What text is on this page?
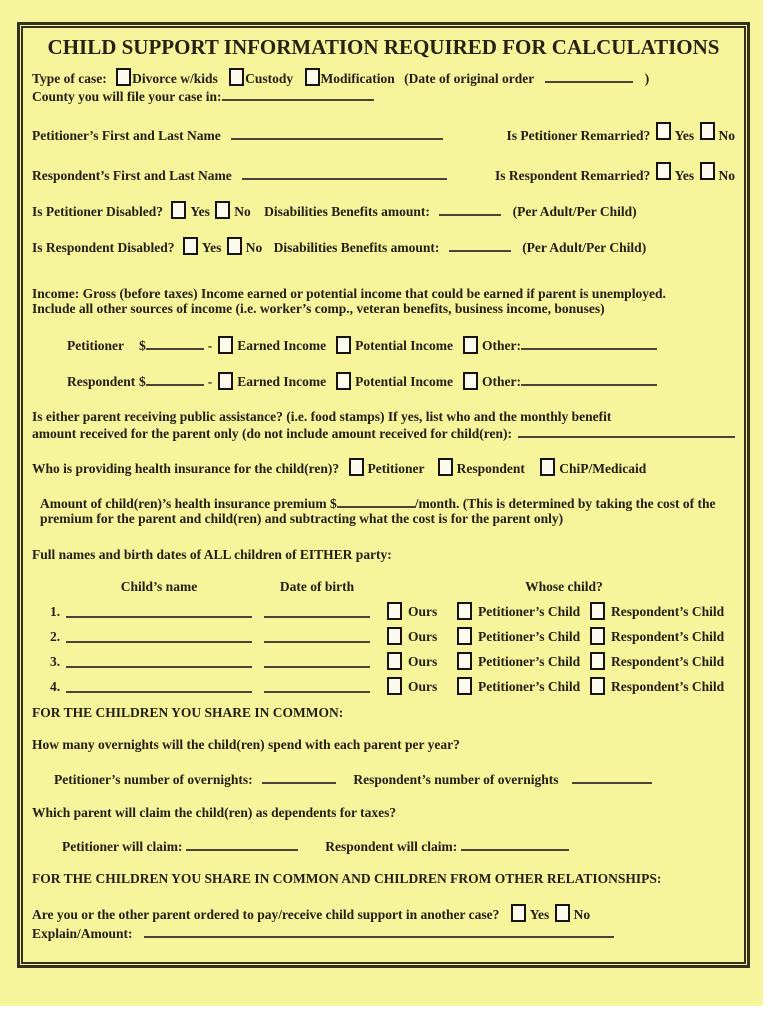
CHILD SUPPORT INFORMATION REQUIRED FOR CALCULATIONS
Type of case: Divorce w/kids Custody Modification (Date of original order	)
County you will file your case in:
Petitioner’s First and Last Name	Is Petitioner Remarried? Yes No
Respondent’s First and Last Name	Is Respondent Remarried? Yes No
Is Petitioner Disabled? Yes No Disabilities Benefits amount:	(Per Adult/Per Child)
Is Respondent Disabled? Yes No Disabilities Benefits amount:	(Per Adult/Per Child)
Income: Gross (before taxes) Income earned or potential income that could be earned if parent is unemployed.
Include all other sources of income (i.e. worker’s comp., veteran benefits, business income, bonuses)
Petitioner	$	- Earned Income Potential Income Other:
Respondent $	- Earned Income Potential Income Other:
Is either parent receiving public assistance? (i.e. food stamps) If yes, list who and the monthly benefit
amount received for the parent only (do not include amount received for child(ren):
Who is providing health insurance for the child(ren)? Petitioner Respondent	ChiP/Medicaid
Amount of child(ren)’s health insurance premium $	/month. (This is determined by taking the cost of the
premium for the parent and child(ren) and subtracting what the cost is for the parent only)
Full names and birth dates of ALL children of EITHER party:
Child’s name	Date of birth	Whose child?
1.	Ours	Petitioner’s Child Respondent’s Child
2.	Ours	Petitioner’s Child Respondent’s Child
3.	Ours	Petitioner’s Child Respondent’s Child
4.	Ours	Petitioner’s Child Respondent’s Child
FOR THE CHILDREN YOU SHARE IN COMMON:
How many overnights will the child(ren) spend with each parent per year?
Petitioner’s number of overnights:	Respondent’s number of overnights
Which parent will claim the child(ren) as dependents for taxes?
Petitioner will claim:	Respondent will claim:
FOR THE CHILDREN YOU SHARE IN COMMON AND CHILDREN FROM OTHER RELATIONSHIPS:
Are you or the other parent ordered to pay/receive child support in another case? Yes No
Explain/Amount:
